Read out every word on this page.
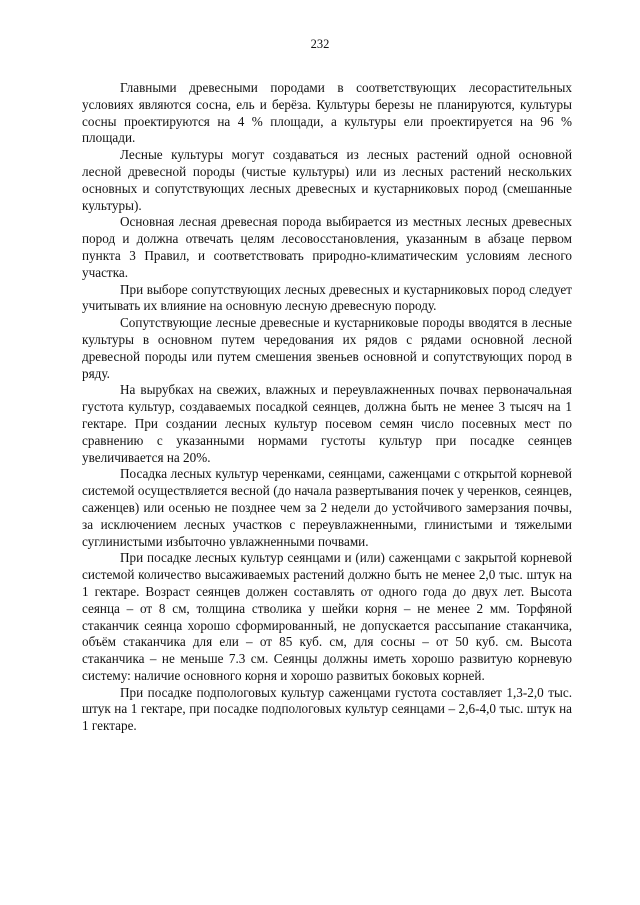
232

Главными древесными породами в соответствующих лесорастительных условиях являются сосна, ель и берёза. Культуры березы не планируются, культуры сосны проектируются на 4 % площади, а культуры ели проектируется на 96 % площади.

Лесные культуры могут создаваться из лесных растений одной основной лесной древесной породы (чистые культуры) или из лесных растений нескольких основных и сопутствующих лесных древесных и кустарниковых пород (смешанные культуры).

Основная лесная древесная порода выбирается из местных лесных древесных пород и должна отвечать целям лесовосстановления, указанным в абзаце первом пункта 3 Правил, и соответствовать природно-климатическим условиям лесного участка.

При выборе сопутствующих лесных древесных и кустарниковых пород следует учитывать их влияние на основную лесную древесную породу.

Сопутствующие лесные древесные и кустарниковые породы вводятся в лесные культуры в основном путем чередования их рядов с рядами основной лесной древесной породы или путем смешения звеньев основной и сопутствующих пород в ряду.

На вырубках на свежих, влажных и переувлажненных почвах первоначальная густота культур, создаваемых посадкой сеянцев, должна быть не менее 3 тысяч на 1 гектаре. При создании лесных культур посевом семян число посевных мест по сравнению с указанными нормами густоты культур при посадке сеянцев увеличивается на 20%.

Посадка лесных культур черенками, сеянцами, саженцами с открытой корневой системой осуществляется весной (до начала развертывания почек у черенков, сеянцев, саженцев) или осенью не позднее чем за 2 недели до устойчивого замерзания почвы, за исключением лесных участков с переувлажненными, глинистыми и тяжелыми суглинистыми избыточно увлажненными почвами.

При посадке лесных культур сеянцами и (или) саженцами с закрытой корневой системой количество высаживаемых растений должно быть не менее 2,0 тыс. штук на 1 гектаре. Возраст сеянцев должен составлять от одного года до двух лет. Высота сеянца – от 8 см, толщина стволика у шейки корня – не менее 2 мм. Торфяной стаканчик сеянца хорошо сформированный, не допускается рассыпание стаканчика, объём стаканчика для ели – от 85 куб. см, для сосны – от 50 куб. см. Высота стаканчика – не меньше 7.3 см. Сеянцы должны иметь хорошо развитую корневую систему: наличие основного корня и хорошо развитых боковых корней.

При посадке подпологовых культур саженцами густота составляет 1,3-2,0 тыс. штук на 1 гектаре, при посадке подпологовых культур сеянцами – 2,6-4,0 тыс. штук на 1 гектаре.
